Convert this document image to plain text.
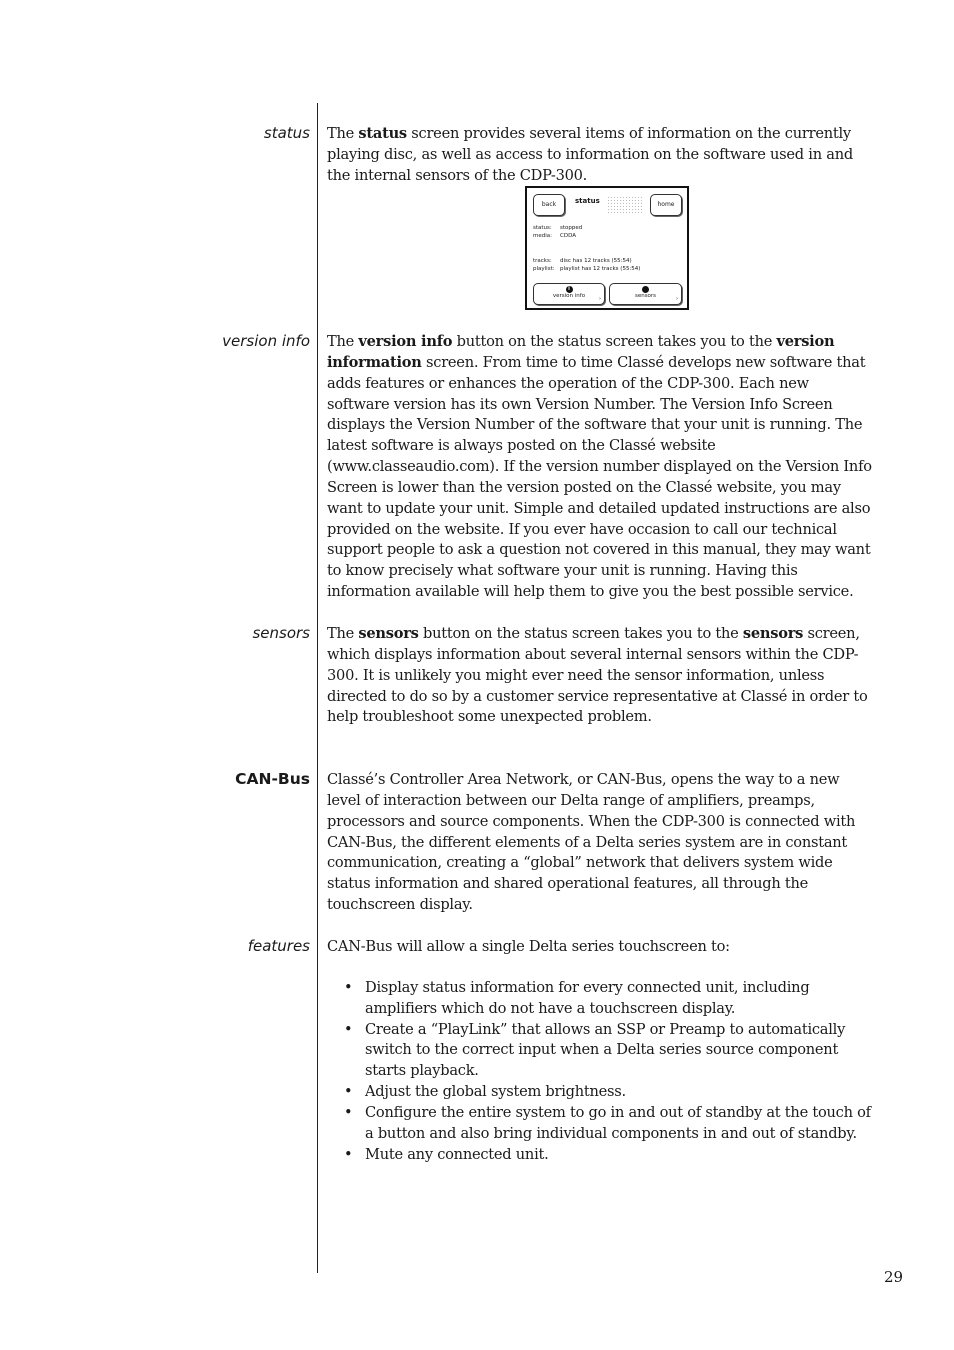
status The status screen provides several items of information on the currently playing disc, as well as access to information on the software used in and the internal sensors of the CDP-300.

back	status	home
status: stopped
media: CDDA
tracks: disc has 12 tracks (55:54)
playlist: playlist has 12 tracks (55:54)
i
version info	›	sensors	›
version info The version info button on the status screen takes you to the version information screen. From time to time Classé develops new software that adds features or enhances the operation of the CDP-300. Each new software version has its own Version Number. The Version Info Screen displays the Version Number of the software that your unit is running. The latest software is always posted on the Classé website (www.classeaudio.com). If the version number displayed on the Version Info Screen is lower than the version posted on the Classé website, you may want to update your unit. Simple and detailed updated instructions are also provided on the website. If you ever have occasion to call our technical support people to ask a question not covered in this manual, they may want to know precisely what software your unit is running. Having this information available will help them to give you the best possible service.

sensors The sensors button on the status screen takes you to the sensors screen, which displays information about several internal sensors within the CDP-300. It is unlikely you might ever need the sensor information, unless directed to do so by a customer service representative at Classé in order to help troubleshoot some unexpected problem.

CAN-Bus Classé’s Controller Area Network, or CAN-Bus, opens the way to a new level of interaction between our Delta range of amplifiers, preamps, processors and source components. When the CDP-300 is connected with CAN-Bus, the different elements of a Delta series system are in constant communication, creating a “global” network that delivers system wide status information and shared operational features, all through the touchscreen display.

features CAN-Bus will allow a single Delta series touchscreen to:

• Display status information for every connected unit, including amplifiers which do not have a touchscreen display.
• Create a “PlayLink” that allows an SSP or Preamp to automatically switch to the correct input when a Delta series source component starts playback.
• Adjust the global system brightness.
• Configure the entire system to go in and out of standby at the touch of a button and also bring individual components in and out of standby.
• Mute any connected unit.
29
